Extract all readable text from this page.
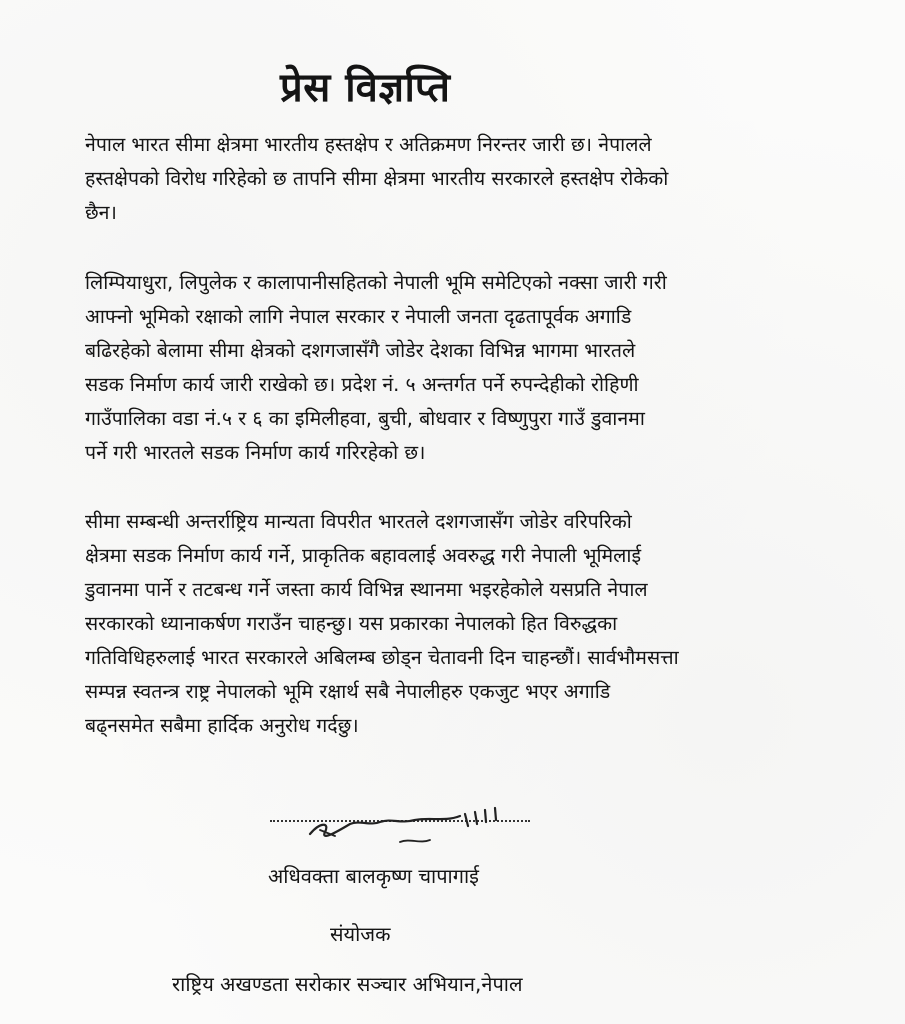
प्रेस विज्ञप्ति
नेपाल भारत सीमा क्षेत्रमा भारतीय हस्तक्षेप र अतिक्रमण निरन्तर जारी छ। नेपालले
हस्तक्षेपको विरोध गरिहेको छ तापनि सीमा क्षेत्रमा भारतीय सरकारले हस्तक्षेप रोकेको
छैन।
लिम्पियाधुरा, लिपुलेक र कालापानीसहितको नेपाली भूमि समेटिएको नक्सा जारी गरी
आफ्नो भूमिको रक्षाको लागि नेपाल सरकार र नेपाली जनता दृढतापूर्वक अगाडि
बढिरहेको बेलामा सीमा क्षेत्रको दशगजासँगै जोडेर देशका विभिन्न भागमा भारतले
सडक निर्माण कार्य जारी राखेको छ। प्रदेश नं. ५ अन्तर्गत पर्ने रुपन्देहीको रोहिणी
गाउँपालिका वडा नं.५ र ६ का इमिलीहवा, बुची, बोधवार र विष्णुपुरा गाउँ डुवानमा
पर्ने गरी भारतले सडक निर्माण कार्य गरिरहेको छ।
सीमा सम्बन्धी अन्तर्राष्ट्रिय मान्यता विपरीत भारतले दशगजासँग जोडेर वरिपरिको
क्षेत्रमा सडक निर्माण कार्य गर्ने, प्राकृतिक बहावलाई अवरुद्ध गरी नेपाली भूमिलाई
डुवानमा पार्ने र तटबन्ध गर्ने जस्ता कार्य विभिन्न स्थानमा भइरहेकोले यसप्रति नेपाल
सरकारको ध्यानाकर्षण गराउँन चाहन्छु। यस प्रकारका नेपालको हित विरुद्धका
गतिविधिहरुलाई भारत सरकारले अबिलम्ब छोड्न चेतावनी दिन चाहन्छौं। सार्वभौमसत्ता
सम्पन्न स्वतन्त्र राष्ट्र नेपालको भूमि रक्षार्थ सबै नेपालीहरु एकजुट भएर अगाडि
बढ्नसमेत सबैमा हार्दिक अनुरोध गर्दछु।
अधिवक्ता बालकृष्ण चापागाई
संयोजक
राष्ट्रिय अखण्डता सरोकार सञ्चार अभियान,नेपाल
